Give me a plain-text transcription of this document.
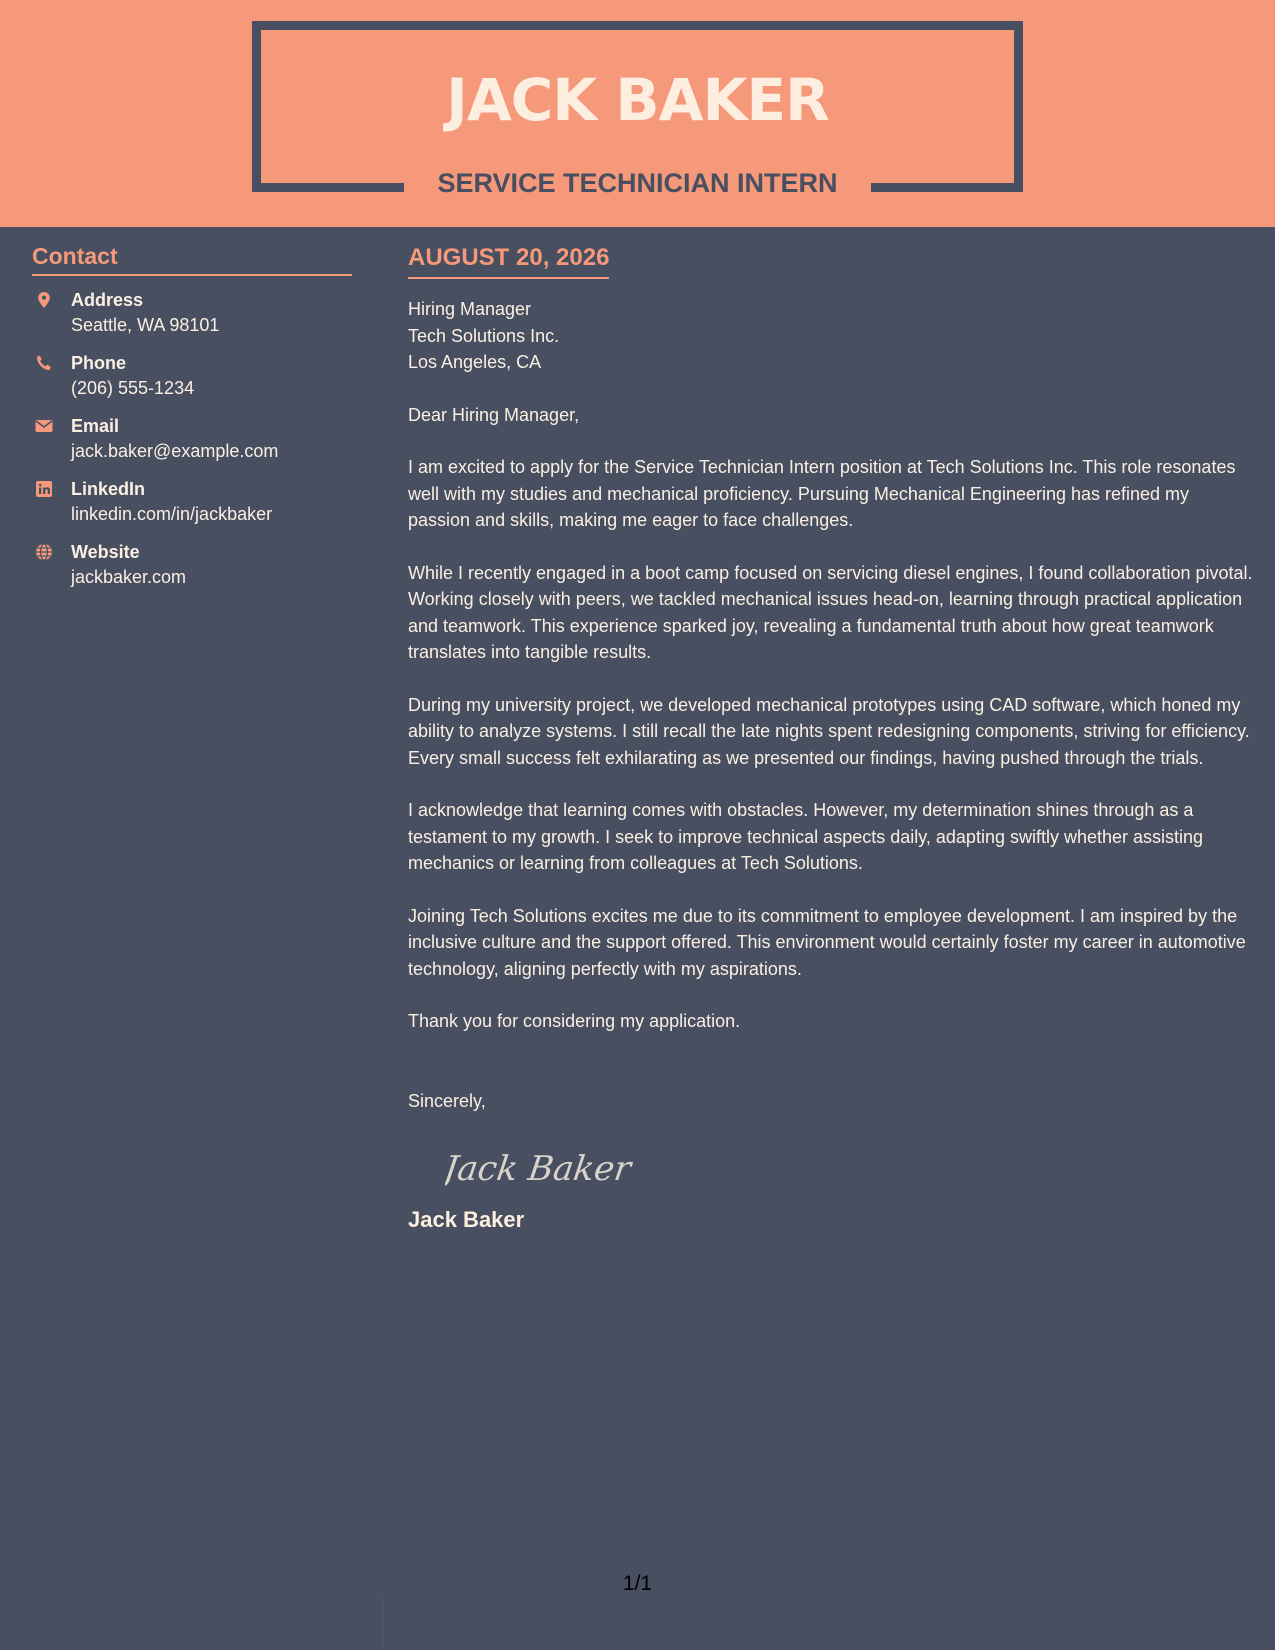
JACK BAKER
SERVICE TECHNICIAN INTERN
Contact
Address
Seattle, WA 98101
Phone
(206) 555-1234
Email
jack.baker@example.com
LinkedIn
linkedin.com/in/jackbaker
Website
jackbaker.com
AUGUST 20, 2026
Hiring Manager
Tech Solutions Inc.
Los Angeles, CA
Dear Hiring Manager,

I am excited to apply for the Service Technician Intern position at Tech Solutions Inc. This role resonates well with my studies and mechanical proficiency. Pursuing Mechanical Engineering has refined my passion and skills, making me eager to face challenges.

While I recently engaged in a boot camp focused on servicing diesel engines, I found collaboration pivotal. Working closely with peers, we tackled mechanical issues head-on, learning through practical application and teamwork. This experience sparked joy, revealing a fundamental truth about how great teamwork translates into tangible results.

During my university project, we developed mechanical prototypes using CAD software, which honed my ability to analyze systems. I still recall the late nights spent redesigning components, striving for efficiency. Every small success felt exhilarating as we presented our findings, having pushed through the trials.

I acknowledge that learning comes with obstacles. However, my determination shines through as a testament to my growth. I seek to improve technical aspects daily, adapting swiftly whether assisting mechanics or learning from colleagues at Tech Solutions.

Joining Tech Solutions excites me due to its commitment to employee development. I am inspired by the inclusive culture and the support offered. This environment would certainly foster my career in automotive technology, aligning perfectly with my aspirations.

Thank you for considering my application.

Sincerely,
Jack Baker
Jack Baker
1/1
